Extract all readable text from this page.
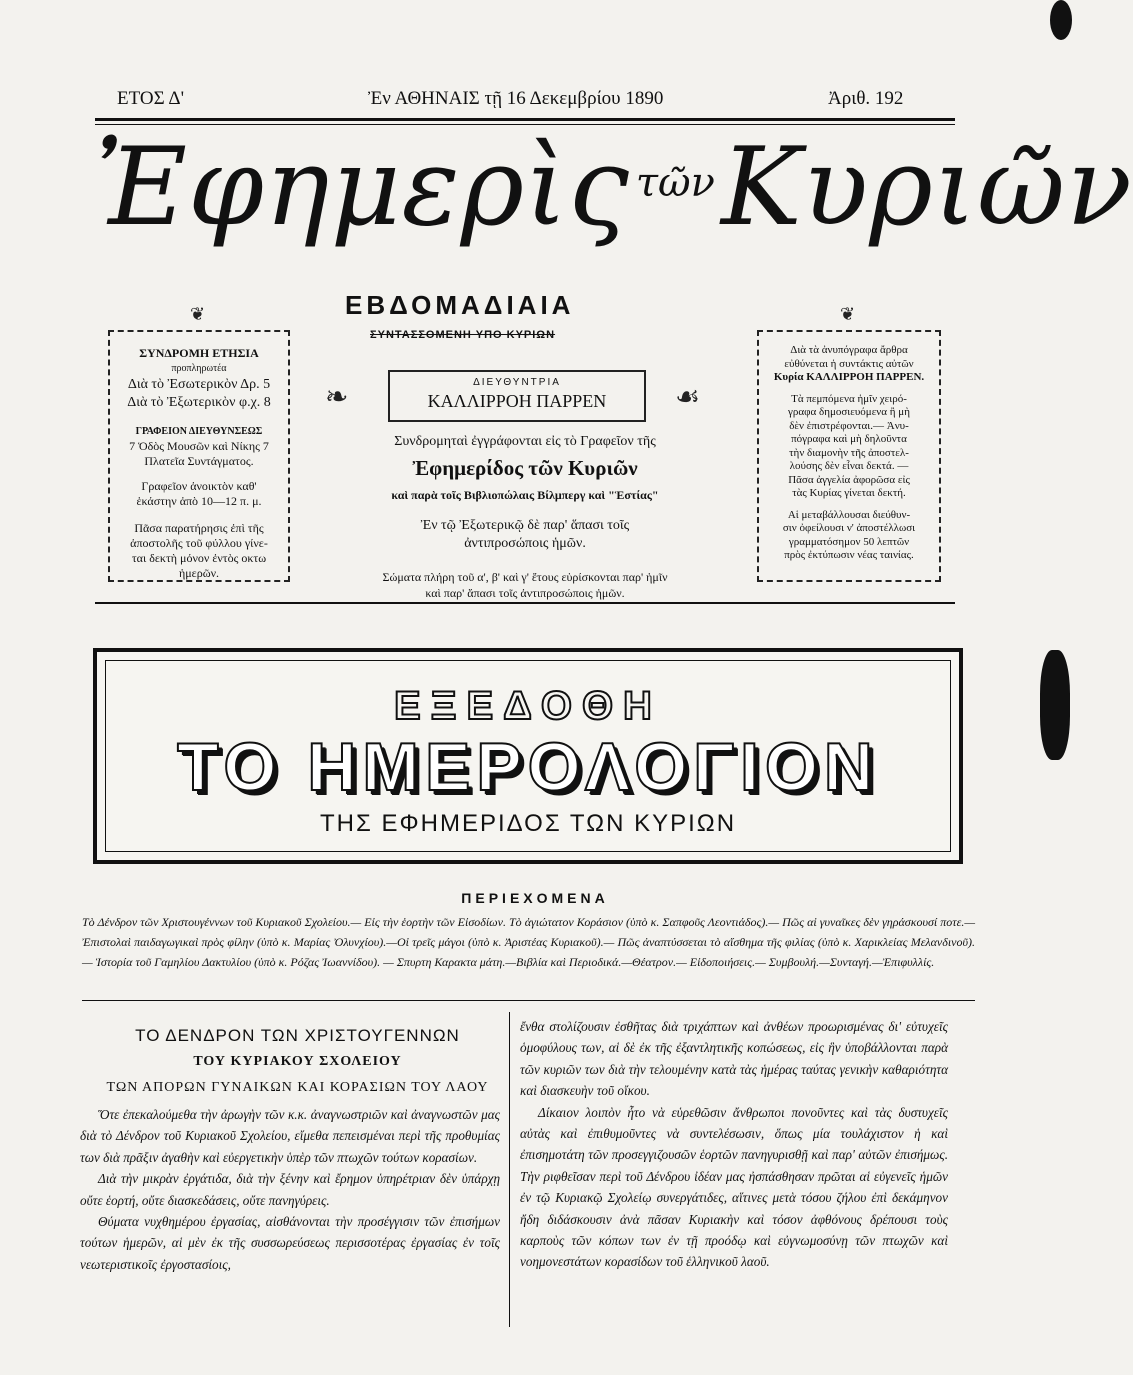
ΕΤΟΣ Δ'	Ἐν ΑΘΗΝΑΙΣ τῇ 16 Δεκεμβρίου 1890	Ἀριθ. 192
Ἐφημερὶς τῶνΚυριῶν
ΕΒΔΟΜΑΔΙΑΙΑ
ΣΥΝΤΑΣΣΟΜΕΝΗ ΥΠΟ ΚΥΡΙΩΝ
❦
ΣΥΝΔΡΟΜΗ ΕΤΗΣΙΑ
προπληρωτέα
Διὰ τὸ Ἐσωτερικὸν Δρ. 5
Διὰ τὸ Ἐξωτερικὸν φ.χ. 8
ΓΡΑΦΕΙΟΝ ΔΙΕΥΘΥΝΣΕΩΣ
7 Ὁδὸς Μουσῶν καὶ Νίκης 7
Πλατεῖα Συντάγματος.
Γραφεῖον ἀνοικτὸν καθ'
ἑκάστην ἀπὸ 10—12 π. μ.
Πᾶσα παρατήρησις ἐπὶ τῆς
ἀποστολῆς τοῦ φύλλου γίνε-
ται δεκτὴ μόνον ἐντὸς οκτω
ἡμερῶν.
❧	☙
ΔΙΕΥΘΥΝΤΡΙΑ
ΚΑΛΛΙΡΡΟΗ ΠΑΡΡΕΝ
Συνδρομηταὶ ἐγγράφονται εἰς τὸ Γραφεῖον τῆς
Ἐφημερίδος τῶν Κυριῶν
καὶ παρὰ τοῖς Βιβλιοπώλαις Βίλμπεργ καὶ "Ἑστίας"
Ἐν τῷ Ἐξωτερικῷ δὲ παρ' ἅπασι τοῖς
ἀντιπροσώποις ἡμῶν.
Σώματα πλήρη τοῦ α', β' καὶ γ' ἔτους εὑρίσκονται παρ' ἡμῖν
καὶ παρ' ἅπασι τοῖς ἀντιπροσώποις ἡμῶν.
❦
Διὰ τὰ ἀνυπόγραφα ἄρθρα
εὐθύνεται ἡ συντάκτις αὐτῶν
Κυρία ΚΑΛΛΙΡΡΟΗ ΠΑΡΡΕΝ.
Τὰ πεμπόμενα ἡμῖν χειρό-
γραφα δημοσιευόμενα ἢ μὴ
δὲν ἐπιστρέφονται.— Ἀνυ-
πόγραφα καὶ μὴ δηλοῦντα
τὴν διαμονὴν τῆς ἀποστελ-
λούσης δὲν εἶναι δεκτά. —
Πᾶσα ἀγγελία ἀφορῶσα εἰς
τὰς Κυρίας γίνεται δεκτή.
Αἱ μεταβάλλουσαι διεύθυν-
σιν ὀφείλουσι ν' ἀποστέλλωσι
γραμματόσημον 50 λεπτῶν
πρὸς ἐκτύπωσιν νέας ταινίας.
ΕΞΕΔΟΘΗ
ΤΟ ΗΜΕΡΟΛΟΓΙΟΝ
ΤΗΣ ΕΦΗΜΕΡΙΔΟΣ ΤΩΝ ΚΥΡΙΩΝ
ΠΕΡΙΕΧΟΜΕΝΑ
Τὸ Δένδρον τῶν Χριστουγέννων τοῦ Κυριακοῦ Σχολείου.— Εἰς τὴν ἑορτὴν τῶν Εἰσοδίων. Τὸ ἁγιώτατον Κοράσιον (ὑπὸ κ. Σαπφοῦς Λεοντιάδος).— Πῶς αἱ γυναῖκες δὲν γηράσκουσί ποτε.— Ἐπιστολαὶ παιδαγωγικαὶ πρὸς φίλην (ὑπὸ κ. Μαρίας Ὀλυνχίου).—Οἱ τρεῖς μάγοι (ὑπὸ κ. Ἀριστέας Κυριακοῦ).— Πῶς ἀναπτύσσεται τὸ αἴσθημα τῆς φιλίας (ὑπὸ κ. Χαρικλείας Μελανδινοῦ). — Ἱστορία τοῦ Γαμηλίου Δακτυλίου (ὑπὸ κ. Ρόζας Ἰωαννίδου). — Σπυρτη Καρακτα μάτη.—Βιβλία καὶ Περιοδικά.—Θέατρον.— Εἰδοποιήσεις.— Συμβουλή.—Συνταγή.—Ἐπιφυλλίς.
ΤΟ ΔΕΝΔΡΟΝ ΤΩΝ ΧΡΙΣΤΟΥΓΕΝΝΩΝ
ΤΟΥ ΚΥΡΙΑΚΟΥ ΣΧΟΛΕΙΟΥ
ΤΩΝ ΑΠΟΡΩΝ ΓΥΝΑΙΚΩΝ ΚΑΙ ΚΟΡΑΣΙΩΝ ΤΟΥ ΛΑΟΥ

Ὅτε ἐπεκαλούμεθα τὴν ἀρωγὴν τῶν κ.κ. ἀναγνωστριῶν καὶ ἀναγνωστῶν μας διὰ τὸ Δένδρον τοῦ Κυριακοῦ Σχολείου, εἴμεθα πεπεισμέναι περὶ τῆς προθυμίας των διὰ πρᾶξιν ἀγαθὴν καὶ εὐεργετικὴν ὑπὲρ τῶν πτωχῶν τούτων κορασίων.

Διὰ τὴν μικρὰν ἐργάτιδα, διὰ τὴν ξένην καὶ ἔρημον ὑπηρέτριαν δὲν ὑπάρχῃ οὔτε ἑορτή, οὔτε διασκεδάσεις, οὔτε πανηγύρεις.

Θύματα νυχθημέρου ἐργασίας, αἰσθάνονται τὴν προσέγγισιν τῶν ἐπισήμων τούτων ἡμερῶν, αἱ μὲν ἐκ τῆς συσσωρεύσεως περισσοτέρας ἐργασίας ἐν τοῖς νεωτεριστικοῖς ἐργοστασίοις,

ἔνθα στολίζουσιν ἐσθῆτας διὰ τριχάπτων καὶ ἀνθέων προωρισμένας δι' εὐτυχεῖς ὁμοφύλους των, αἱ δὲ ἐκ τῆς ἐξαντλητικῆς κοπώσεως, εἰς ἣν ὑποβάλλονται παρὰ τῶν κυριῶν των διὰ τὴν τελουμένην κατὰ τὰς ἡμέρας ταύτας γενικὴν καθαριότητα καὶ διασκευὴν τοῦ οἴκου.

Δίκαιον λοιπὸν ἦτο νὰ εὑρεθῶσιν ἄνθρωποι πονοῦντες καὶ τὰς δυστυχεῖς αὐτὰς καὶ ἐπιθυμοῦντες νὰ συντελέσωσιν, ὅπως μία τουλάχιστον ἡ καὶ ἐπισημοτάτη τῶν προσεγγιζουσῶν ἑορτῶν πανηγυρισθῇ καὶ παρ' αὐτῶν ἐπισήμως. Τὴν ριφθεῖσαν περὶ τοῦ Δένδρου ἰδέαν μας ἠσπάσθησαν πρῶται αἱ εὐγενεῖς ἡμῶν ἐν τῷ Κυριακῷ Σχολείῳ συνεργάτιδες, αἵτινες μετὰ τόσου ζήλου ἐπὶ δεκάμηνον ἤδη διδάσκουσιν ἀνὰ πᾶσαν Κυριακὴν καὶ τόσον ἀφθόνους δρέπουσι τοὺς καρποὺς τῶν κόπων των ἐν τῇ προόδῳ καὶ εὐγνωμοσύνῃ τῶν πτωχῶν καὶ νοημονεστάτων κορασίδων τοῦ ἑλληνικοῦ λαοῦ.
